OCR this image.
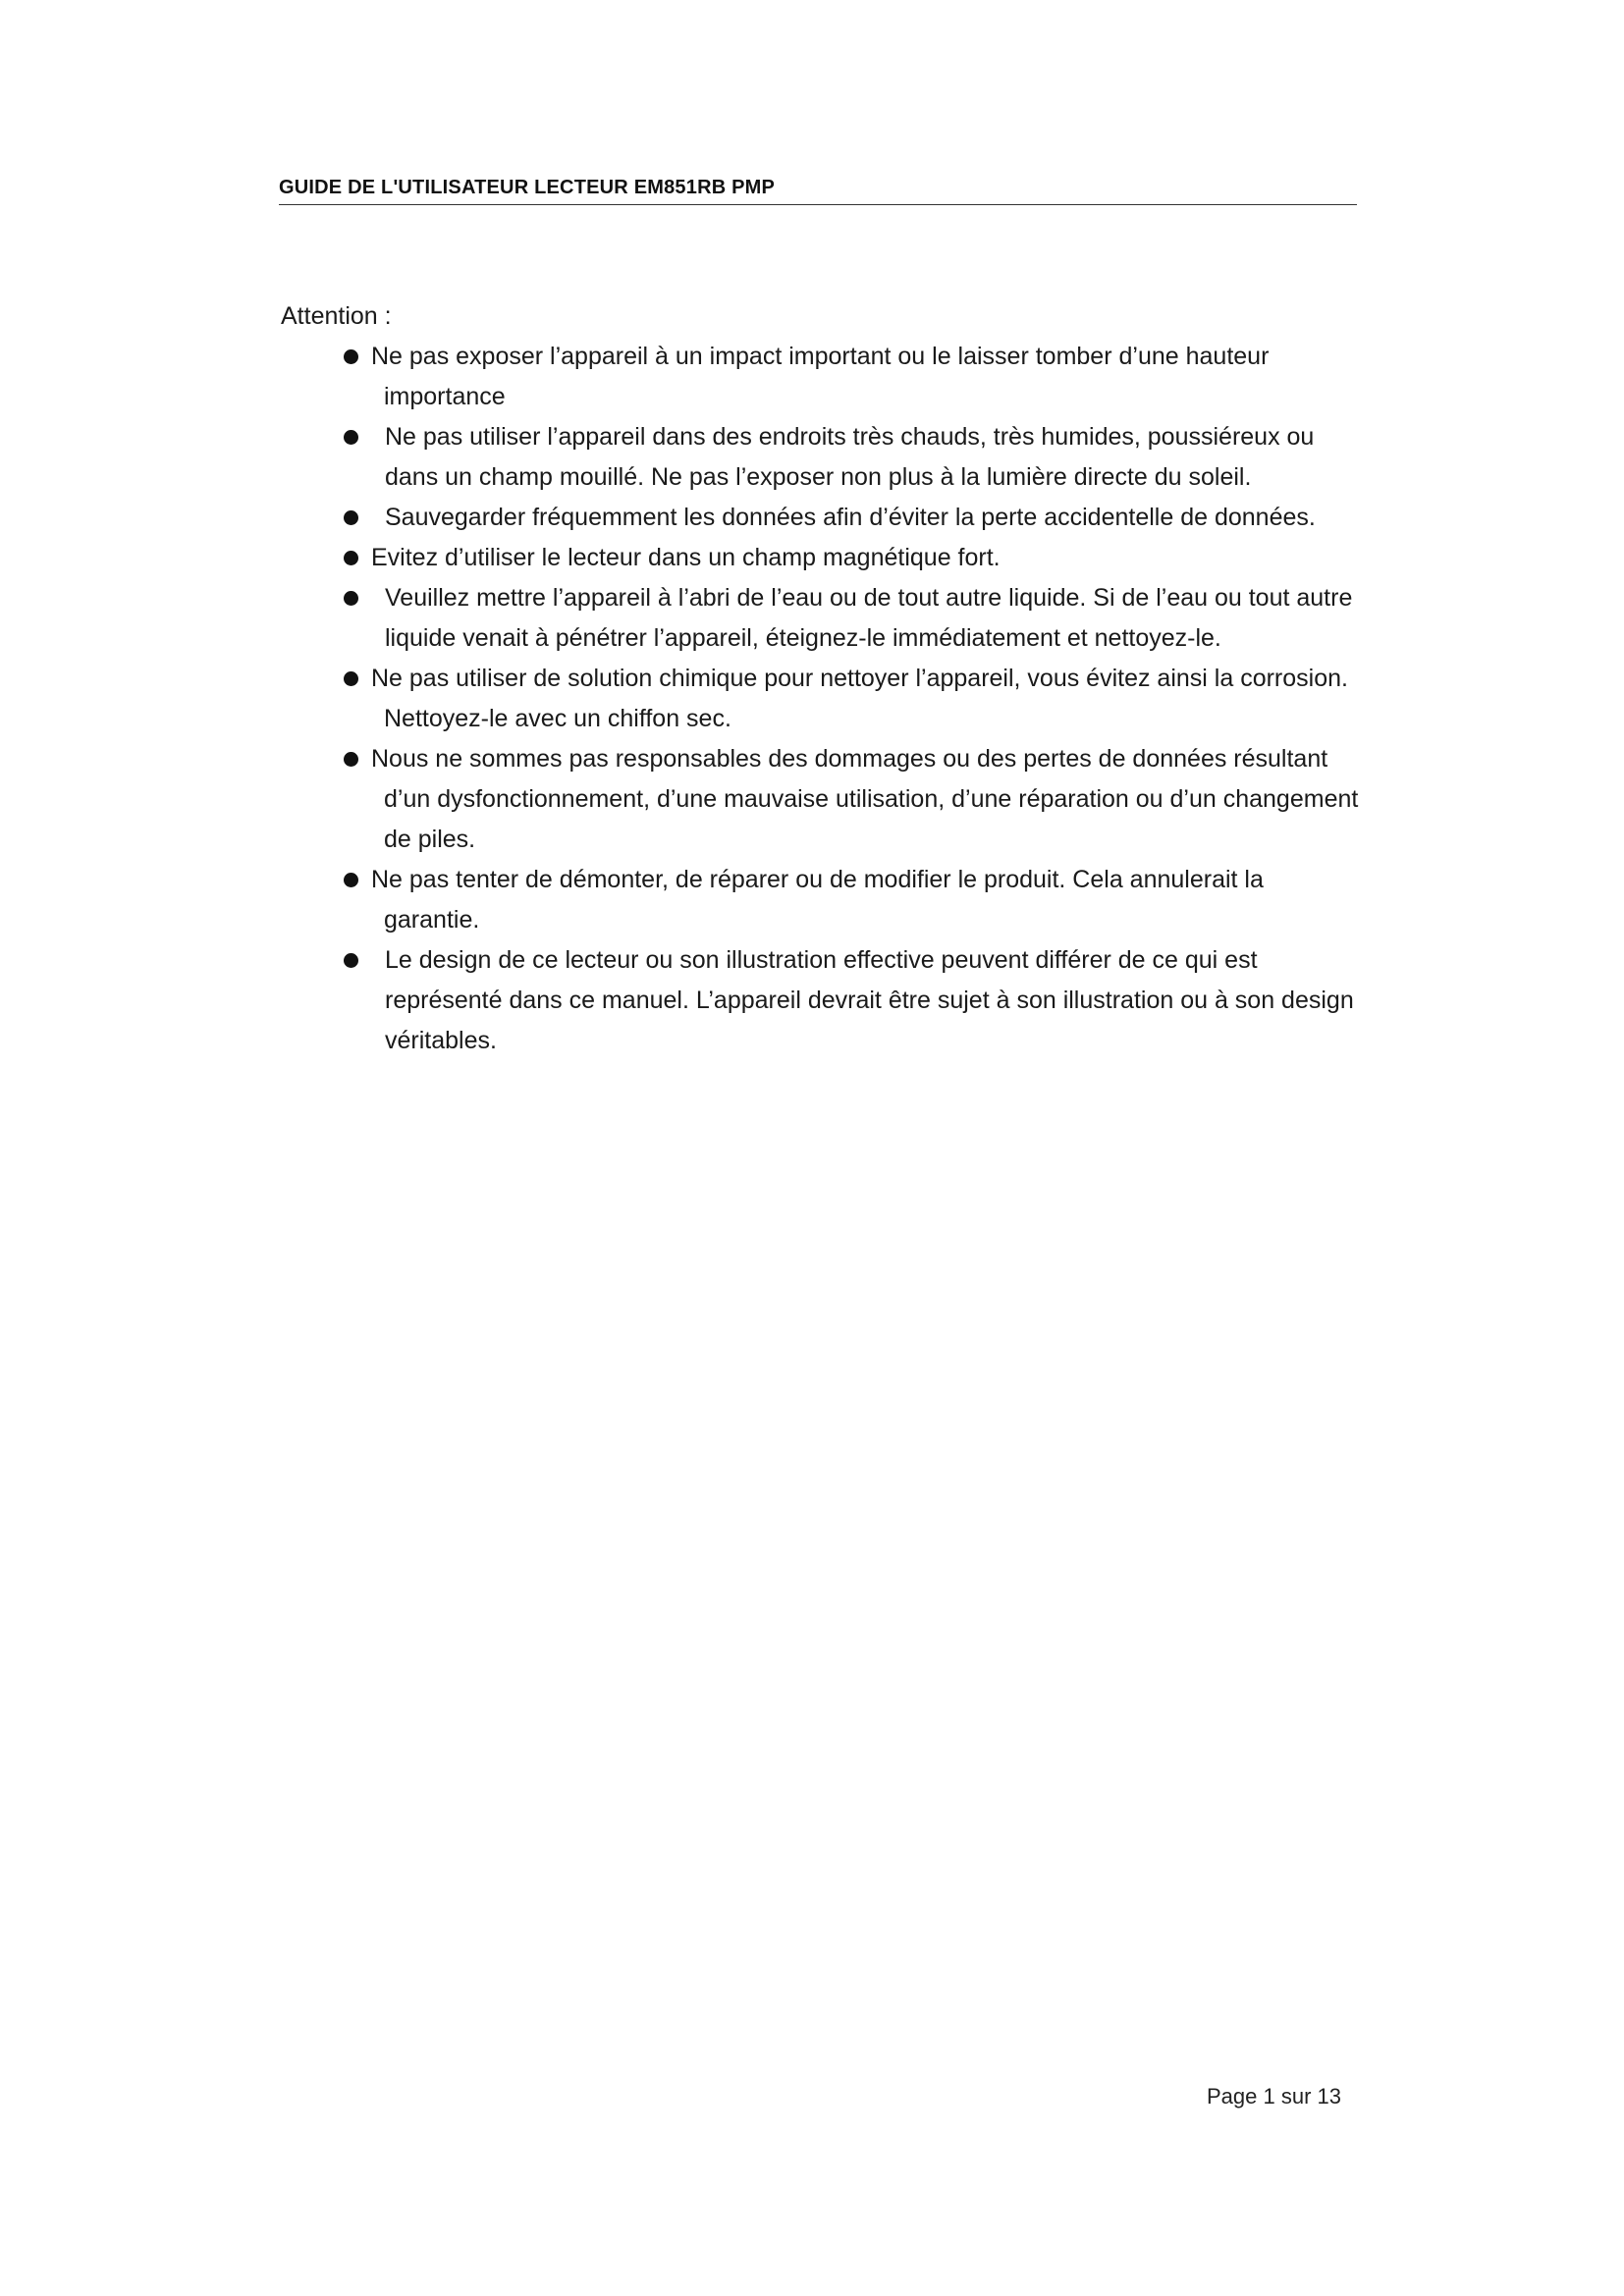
GUIDE DE L'UTILISATEUR LECTEUR EM851RB PMP
Attention :
Ne pas exposer l’appareil à un impact important ou le laisser tomber d’une hauteur importance
Ne pas utiliser l’appareil dans des endroits très chauds, très humides, poussiéreux ou dans un champ mouillé. Ne pas l’exposer non plus à la lumière directe du soleil.
Sauvegarder fréquemment les données afin d’éviter la perte accidentelle de données.
Evitez d’utiliser le lecteur dans un champ magnétique fort.
Veuillez mettre l’appareil à l’abri de l’eau ou de tout autre liquide. Si de l’eau ou tout autre liquide venait à pénétrer l’appareil, éteignez-le immédiatement et nettoyez-le.
Ne pas utiliser de solution chimique pour nettoyer l’appareil, vous évitez ainsi la corrosion. Nettoyez-le avec un chiffon sec.
Nous ne sommes pas responsables des dommages ou des pertes de données résultant d’un dysfonctionnement, d’une mauvaise utilisation, d’une réparation ou d’un changement de piles.
Ne pas tenter de démonter, de réparer ou de modifier le produit. Cela annulerait la garantie.
Le design de ce lecteur ou son illustration effective peuvent différer de ce qui est représenté dans ce manuel. L’appareil devrait être sujet à son illustration ou à son design véritables.
Page 1 sur 13
